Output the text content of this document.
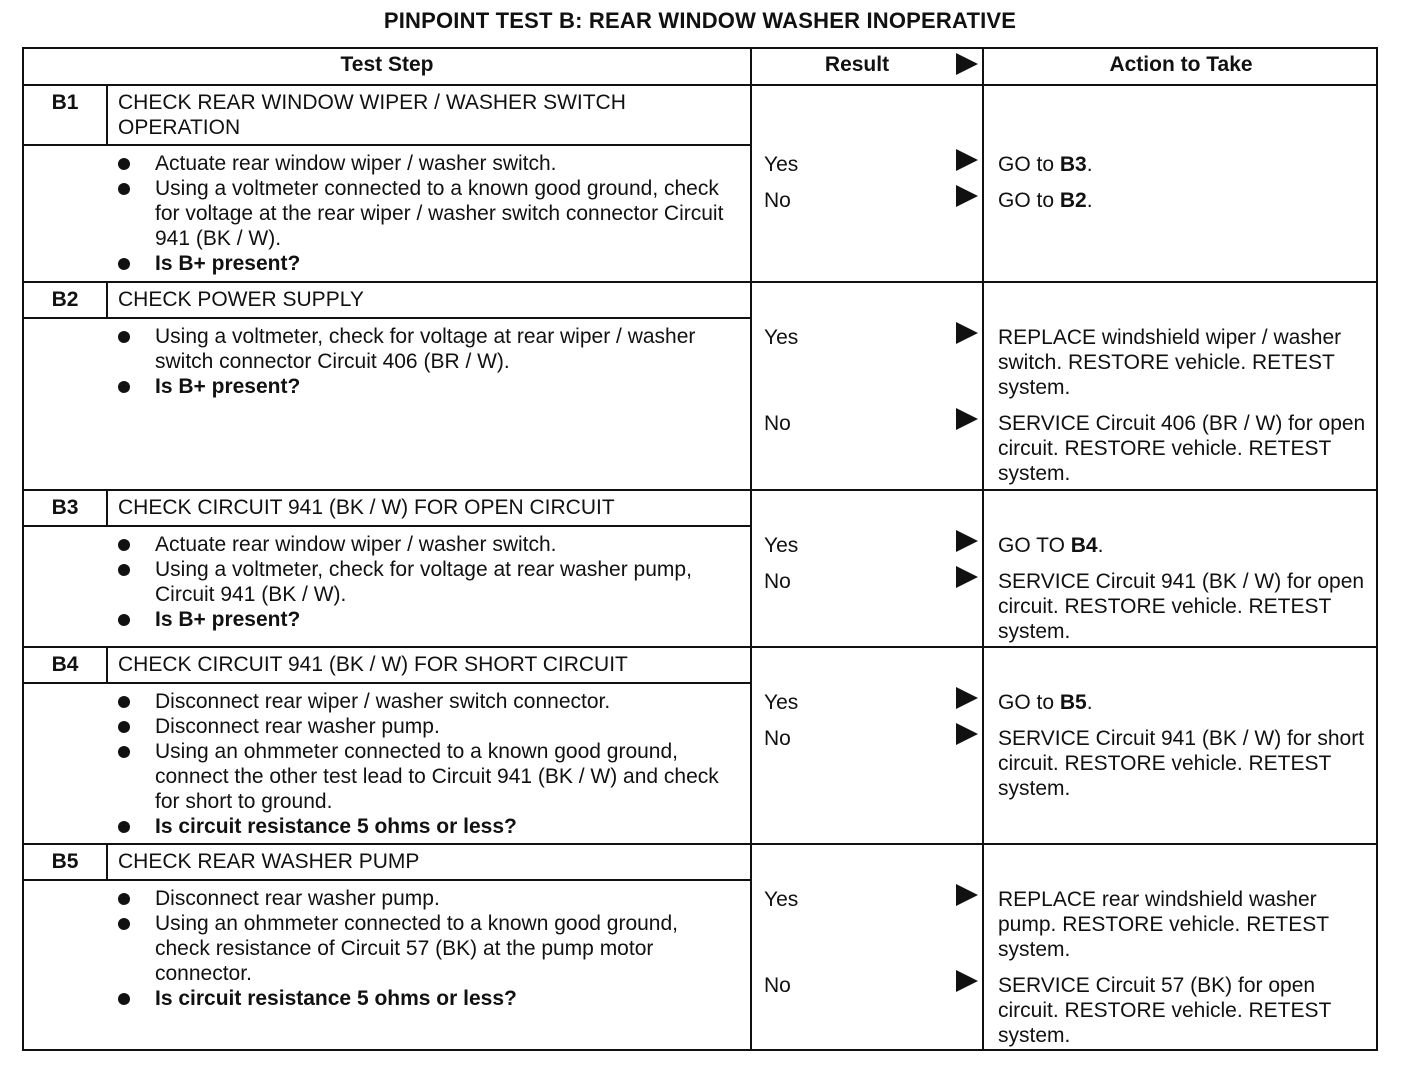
PINPOINT TEST B: REAR WINDOW WASHER INOPERATIVE
Test Step	Result	Action to Take
B1	CHECK REAR WINDOW WIPER / WASHER SWITCH OPERATION
Actuate rear window wiper / washer switch.
Using a voltmeter connected to a known good ground, check for voltage at the rear wiper / washer switch connector Circuit 941 (BK / W).
Is B+ present?
Yes	GO to B3.
No	GO to B2.
B2	CHECK POWER SUPPLY
Using a voltmeter, check for voltage at rear wiper / washer switch connector Circuit 406 (BR / W).
Is B+ present?
Yes	REPLACE windshield wiper / washer switch. RESTORE vehicle. RETEST system.
No	SERVICE Circuit 406 (BR / W) for open circuit. RESTORE vehicle. RETEST system.
B3	CHECK CIRCUIT 941 (BK / W) FOR OPEN CIRCUIT
Actuate rear window wiper / washer switch.
Using a voltmeter, check for voltage at rear washer pump, Circuit 941 (BK / W).
Is B+ present?
Yes	GO TO B4.
No	SERVICE Circuit 941 (BK / W) for open circuit. RESTORE vehicle. RETEST system.
B4	CHECK CIRCUIT 941 (BK / W) FOR SHORT CIRCUIT
Disconnect rear wiper / washer switch connector.
Disconnect rear washer pump.
Using an ohmmeter connected to a known good ground, connect the other test lead to Circuit 941 (BK / W) and check for short to ground.
Is circuit resistance 5 ohms or less?
Yes	GO to B5.
No	SERVICE Circuit 941 (BK / W) for short circuit. RESTORE vehicle. RETEST system.
B5	CHECK REAR WASHER PUMP
Disconnect rear washer pump.
Using an ohmmeter connected to a known good ground, check resistance of Circuit 57 (BK) at the pump motor connector.
Is circuit resistance 5 ohms or less?
Yes	REPLACE rear windshield washer pump. RESTORE vehicle. RETEST system.
No	SERVICE Circuit 57 (BK) for open circuit. RESTORE vehicle. RETEST system.
